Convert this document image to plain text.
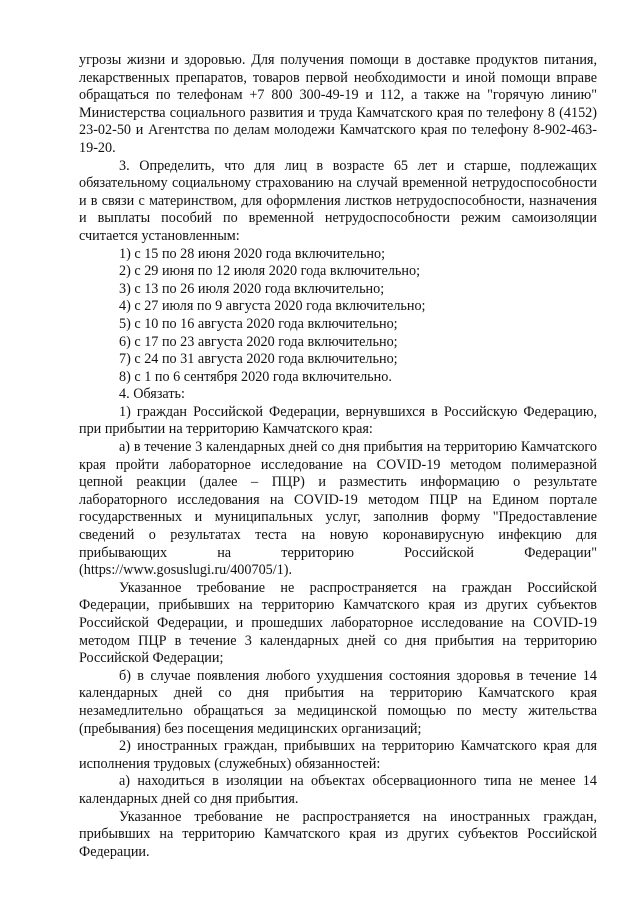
угрозы жизни и здоровью. Для получения помощи в доставке продуктов питания, лекарственных препаратов, товаров первой необходимости и иной помощи вправе обращаться по телефонам +7 800 300-49-19 и 112, а также на "горячую линию" Министерства социального развития и труда Камчатского края по телефону 8 (4152) 23-02-50 и Агентства по делам молодежи Камчатского края по телефону 8-902-463-19-20.

3. Определить, что для лиц в возрасте 65 лет и старше, подлежащих обязательному социальному страхованию на случай временной нетрудоспособности и в связи с материнством, для оформления листков нетрудоспособности, назначения и выплаты пособий по временной нетрудоспособности режим самоизоляции считается установленным:

1) с 15 по 28 июня 2020 года включительно;

2) с 29 июня по 12 июля 2020 года включительно;

3) с 13 по 26 июля 2020 года включительно;

4) с 27 июля по 9 августа 2020 года включительно;

5) с 10 по 16 августа 2020 года включительно;

6) с 17 по 23 августа 2020 года включительно;

7) с 24 по 31 августа 2020 года включительно;

8) с 1 по 6 сентября 2020 года включительно.

4. Обязать:

1) граждан Российской Федерации, вернувшихся в Российскую Федерацию, при прибытии на территорию Камчатского края:

а) в течение 3 календарных дней со дня прибытия на территорию Камчатского края пройти лабораторное исследование на COVID-19 методом полимеразной цепной реакции (далее – ПЦР) и разместить информацию о результате лабораторного исследования на COVID-19 методом ПЦР на Едином портале государственных и муниципальных услуг, заполнив форму "Предоставление сведений о результатах теста на новую коронавирусную инфекцию для прибывающих на территорию Российской Федерации" (https://www.gosuslugi.ru/400705/1).

Указанное требование не распространяется на граждан Российской Федерации, прибывших на территорию Камчатского края из других субъектов Российской Федерации, и прошедших лабораторное исследование на COVID-19 методом ПЦР в течение 3 календарных дней со дня прибытия на территорию Российской Федерации;

б) в случае появления любого ухудшения состояния здоровья в течение 14 календарных дней со дня прибытия на территорию Камчатского края незамедлительно обращаться за медицинской помощью по месту жительства (пребывания) без посещения медицинских организаций;

2) иностранных граждан, прибывших на территорию Камчатского края для исполнения трудовых (служебных) обязанностей:

а) находиться в изоляции на объектах обсервационного типа не менее 14 календарных дней со дня прибытия.

Указанное требование не распространяется на иностранных граждан, прибывших на территорию Камчатского края из других субъектов Российской Федерации.
